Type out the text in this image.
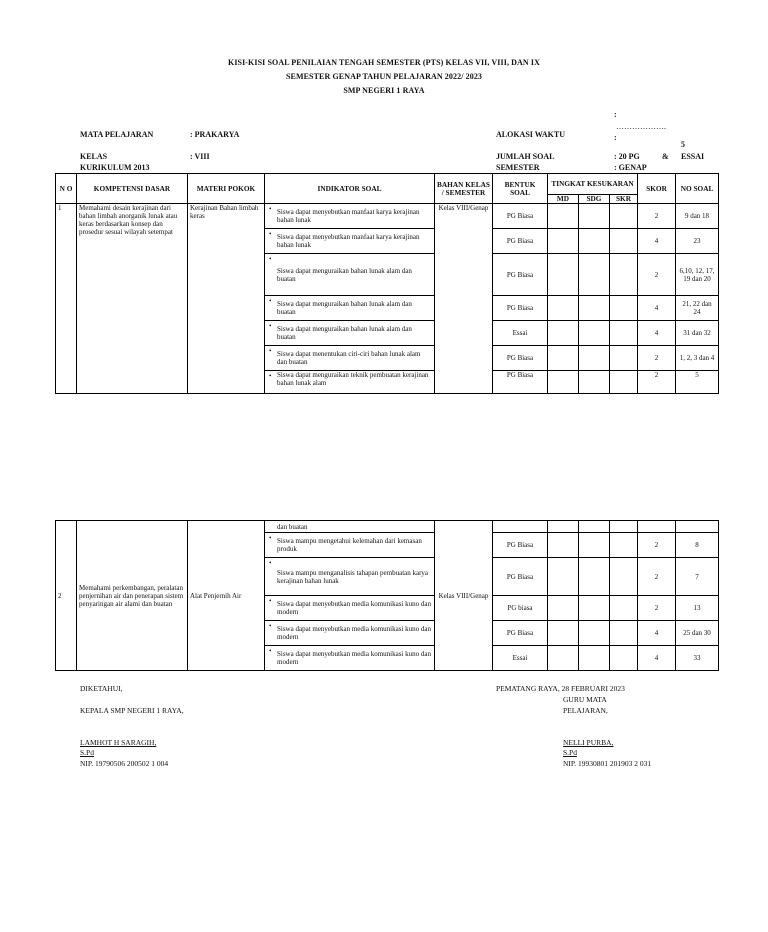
KISI-KISI SOAL PENILAIAN TENGAH SEMESTER (PTS) KELAS VII, VIII, DAN IX
SEMESTER GENAP TAHUN PELAJARAN 2022/ 2023
SMP NEGERI 1 RAYA
:
……………….
MATA PELAJARAN	: PRAKARYA	ALOKASI WAKTU	:
5
KELAS	: VIII	JUMLAH SOAL	: 20 PG	& ESSAI
KURIKULUM 2013	SEMESTER	: GENAP
N O	KOMPETENSI DASAR	MATERI POKOK	INDIKATOR SOAL	BAHAN KELAS / SEMESTER	BENTUK SOAL	TINGKAT KESUKARAN			SKOR	NO SOAL
						MD	SDG	SKR		
1	Memahami desain kerajinan dari bahan limbah anorganik lunak atau keras berdasarkan konsep dan prosedur sesuai wilayah setempat	Kerajinan Bahan limbah keras	• Siswa dapat menyebutkan manfaat karya kerajinan bahan lunak	Kelas VIII/Genap	PG Biasa				2	9 dan 18
			• Siswa dapat menyebutkan manfaat karya kerajinan bahan lunak		PG Biasa				4	23
			• Siswa dapat menguraikan bahan lunak alam dan buatan		PG Biasa				2	6,10, 12, 17, 19 dan 20
			• Siswa dapat menguraikan bahan lunak alam dan buatan		PG Biasa				4	21, 22 dan 24
			• Siswa dapat menguraikan bahan lunak alam dan buatan		Essai				4	31 dan 32
			• Siswa dapat menentukan ciri-ciri bahan lunak alam dan buatan		PG Biasa				2	1, 2, 3 dan 4
			• Siswa dapat menguraikan teknik pembuatan kerajinan bahan lunak alam		PG Biasa				2	5
2	Memahami perkembangan, peralatan penjernihan air dan penerapan sistem penyaringan air alami dan buatan	Alat Penjernih Air	dan buatan	Kelas VIII/Genap						
			• Siswa mampu mengetahui kelemahan dari kemasan produk		PG Biasa				2	8
			• Siswa mampu menganalisis tahapan pembuatan karya kerajinan bahan lunak		PG Biasa				2	7
			• Siswa dapat menyebutkan media komunikasi kuno dan modern		PG biasa				2	13
			• Siswa dapat menyebutkan media komunikasi kuno dan modern		PG Biasa				4	25 dan 30
			• Siswa dapat menyebutkan media komunikasi kuno dan modern		Essai				4	33
DIKETAHUI,	PEMATANG RAYA, 28 FEBRUARI 2023
GURU MATA
KEPALA SMP NEGERI 1 RAYA,	PELAJARAN,
LAMHOT H SARAGIH,
S.Pd
NIP. 19790506 200502 1 004
NELLI PURBA,
S.Pd
NIP. 19930801 201903 2 031
